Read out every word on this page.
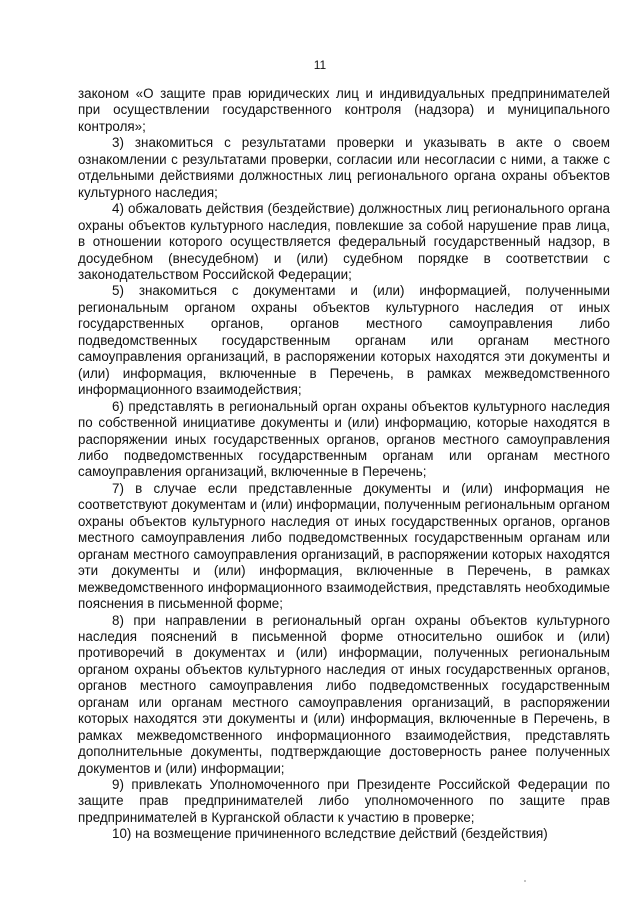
11

законом «О защите прав юридических лиц и индивидуальных предпринимателей при осуществлении государственного контроля (надзора) и муниципального контроля»;

3) знакомиться с результатами проверки и указывать в акте о своем ознакомлении с результатами проверки, согласии или несогласии с ними, а также с отдельными действиями должностных лиц регионального органа охраны объектов культурного наследия;

4) обжаловать действия (бездействие) должностных лиц регионального органа охраны объектов культурного наследия, повлекшие за собой нарушение прав лица, в отношении которого осуществляется федеральный государственный надзор, в досудебном (внесудебном) и (или) судебном порядке в соответствии с законодательством Российской Федерации;

5) знакомиться с документами и (или) информацией, полученными региональным органом охраны объектов культурного наследия от иных государственных органов, органов местного самоуправления либо подведомственных государственным органам или органам местного самоуправления организаций, в распоряжении которых находятся эти документы и (или) информация, включенные в Перечень, в рамках межведомственного информационного взаимодействия;

6) представлять в региональный орган охраны объектов культурного наследия по собственной инициативе документы и (или) информацию, которые находятся в распоряжении иных государственных органов, органов местного самоуправления либо подведомственных государственным органам или органам местного самоуправления организаций, включенные в Перечень;

7) в случае если представленные документы и (или) информация не соответствуют документам и (или) информации, полученным региональным органом охраны объектов культурного наследия от иных государственных органов, органов местного самоуправления либо подведомственных государственным органам или органам местного самоуправления организаций, в распоряжении которых находятся эти документы и (или) информация, включенные в Перечень, в рамках межведомственного информационного взаимодействия, представлять необходимые пояснения в письменной форме;

8) при направлении в региональный орган охраны объектов культурного наследия пояснений в письменной форме относительно ошибок и (или) противоречий в документах и (или) информации, полученных региональным органом охраны объектов культурного наследия от иных государственных органов, органов местного самоуправления либо подведомственных государственным органам или органам местного самоуправления организаций, в распоряжении которых находятся эти документы и (или) информация, включенные в Перечень, в рамках межведомственного информационного взаимодействия, представлять дополнительные документы, подтверждающие достоверность ранее полученных документов и (или) информации;

9) привлекать Уполномоченного при Президенте Российской Федерации по защите прав предпринимателей либо уполномоченного по защите прав предпринимателей в Курганской области к участию в проверке;

10) на возмещение причиненного вследствие действий (бездействия)
